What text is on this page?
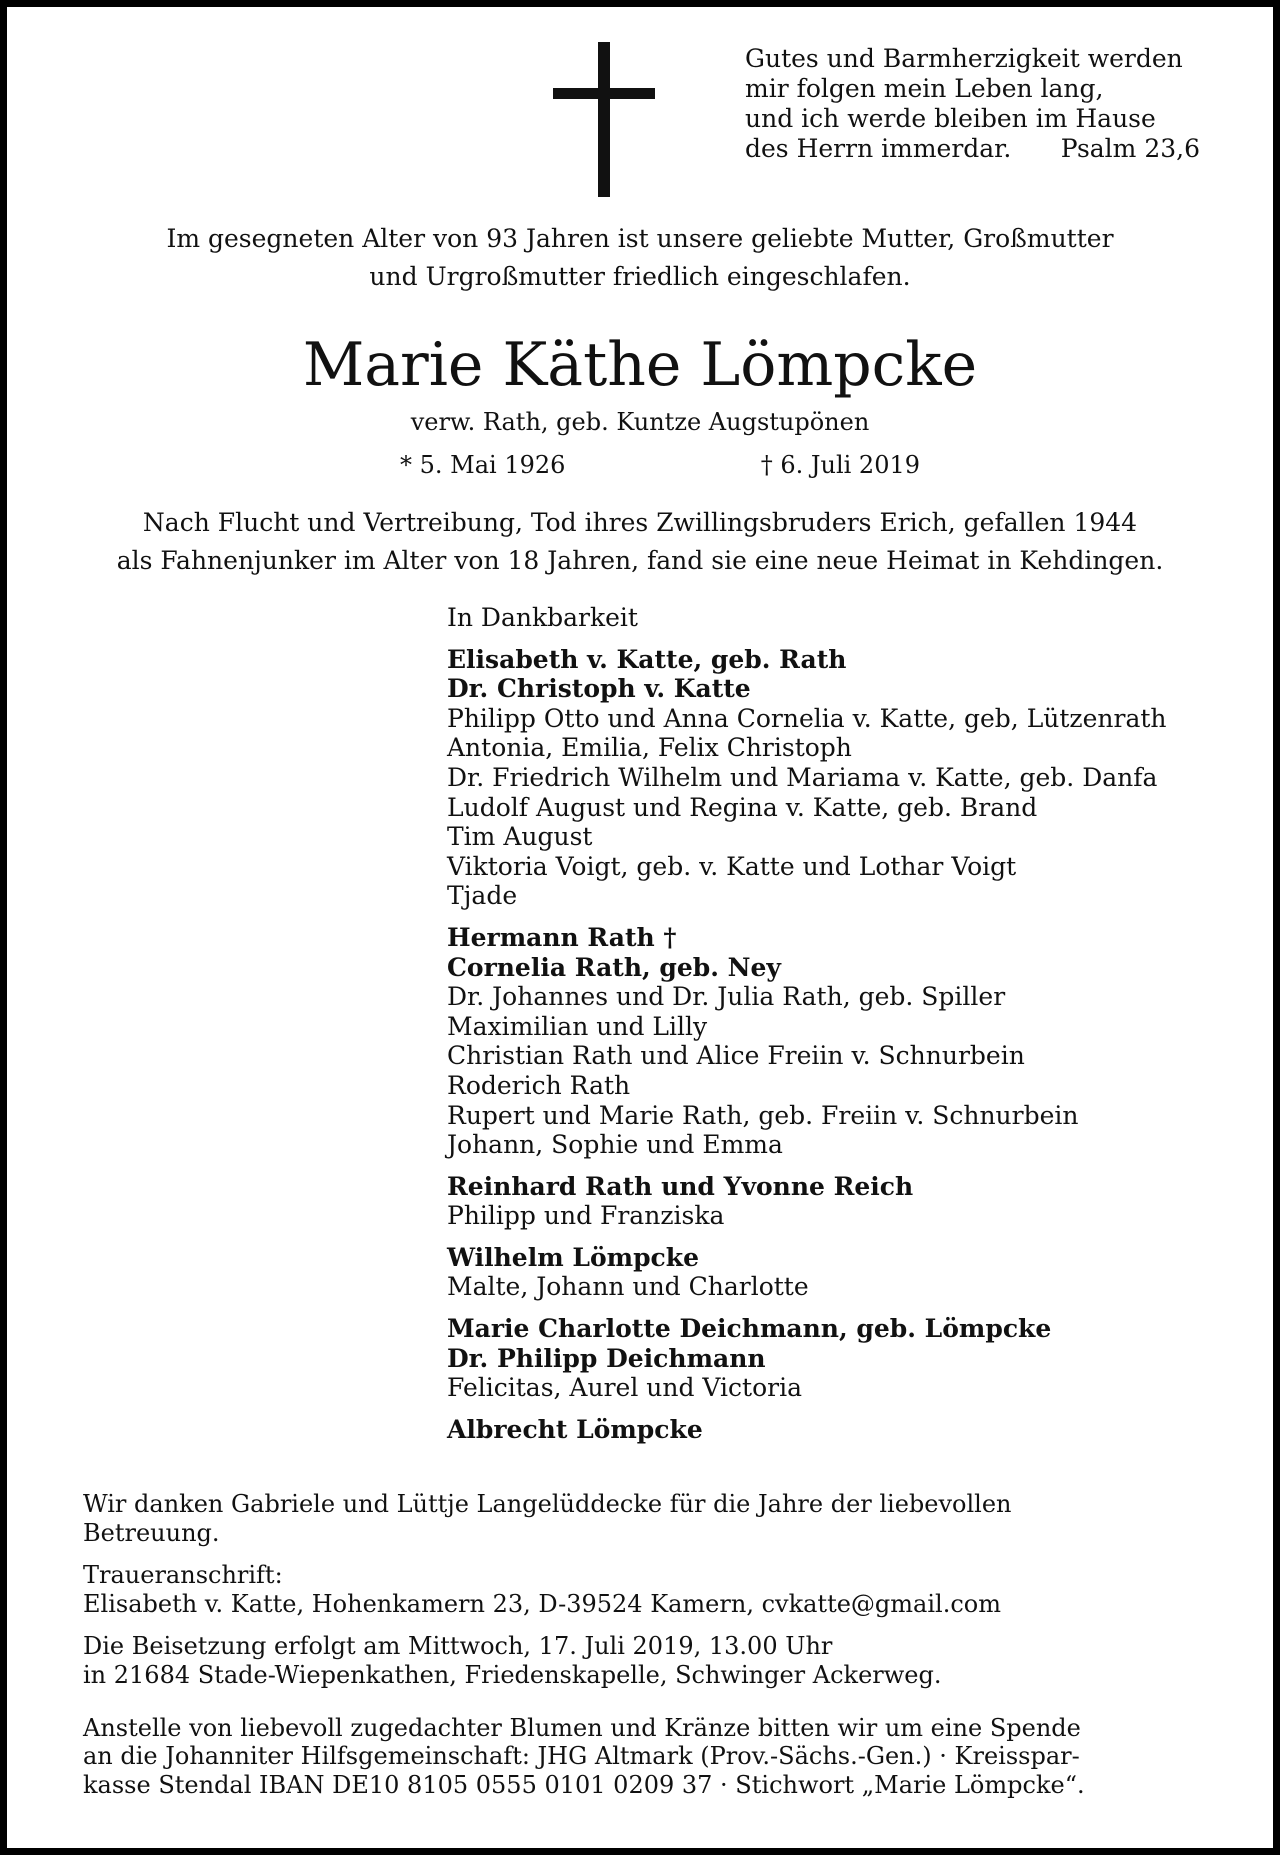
Gutes und Barmherzigkeit werden
mir folgen mein Leben lang,
und ich werde bleiben im Hause
des Herrn immerdar. Psalm 23,6
Im gesegneten Alter von 93 Jahren ist unsere geliebte Mutter, Großmutter
und Urgroßmutter friedlich eingeschlafen.
Marie Käthe Lömpcke
verw. Rath, geb. Kuntze Augstupönen
* 5. Mai 1926	† 6. Juli 2019
Nach Flucht und Vertreibung, Tod ihres Zwillingsbruders Erich, gefallen 1944
als Fahnenjunker im Alter von 18 Jahren, fand sie eine neue Heimat in Kehdingen.
In Dankbarkeit
Elisabeth v. Katte, geb. Rath
Dr. Christoph v. Katte
Philipp Otto und Anna Cornelia v. Katte, geb, Lützenrath
Antonia, Emilia, Felix Christoph
Dr. Friedrich Wilhelm und Mariama v. Katte, geb. Danfa
Ludolf August und Regina v. Katte, geb. Brand
Tim August
Viktoria Voigt, geb. v. Katte und Lothar Voigt
Tjade
Hermann Rath †
Cornelia Rath, geb. Ney
Dr. Johannes und Dr. Julia Rath, geb. Spiller
Maximilian und Lilly
Christian Rath und Alice Freiin v. Schnurbein
Roderich Rath
Rupert und Marie Rath, geb. Freiin v. Schnurbein
Johann, Sophie und Emma
Reinhard Rath und Yvonne Reich
Philipp und Franziska
Wilhelm Lömpcke
Malte, Johann und Charlotte
Marie Charlotte Deichmann, geb. Lömpcke
Dr. Philipp Deichmann
Felicitas, Aurel und Victoria
Albrecht Lömpcke
Wir danken Gabriele und Lüttje Langelüddecke für die Jahre der liebevollen
Betreuung.
Traueranschrift:
Elisabeth v. Katte, Hohenkamern 23, D-39524 Kamern, cvkatte@gmail.com
Die Beisetzung erfolgt am Mittwoch, 17. Juli 2019, 13.00 Uhr
in 21684 Stade-Wiepenkathen, Friedenskapelle, Schwinger Ackerweg.
Anstelle von liebevoll zugedachter Blumen und Kränze bitten wir um eine Spende
an die Johanniter Hilfsgemeinschaft: JHG Altmark (Prov.-Sächs.-Gen.) · Kreisspar-
kasse Stendal IBAN DE10 8105 0555 0101 0209 37 · Stichwort „Marie Lömpcke“.
